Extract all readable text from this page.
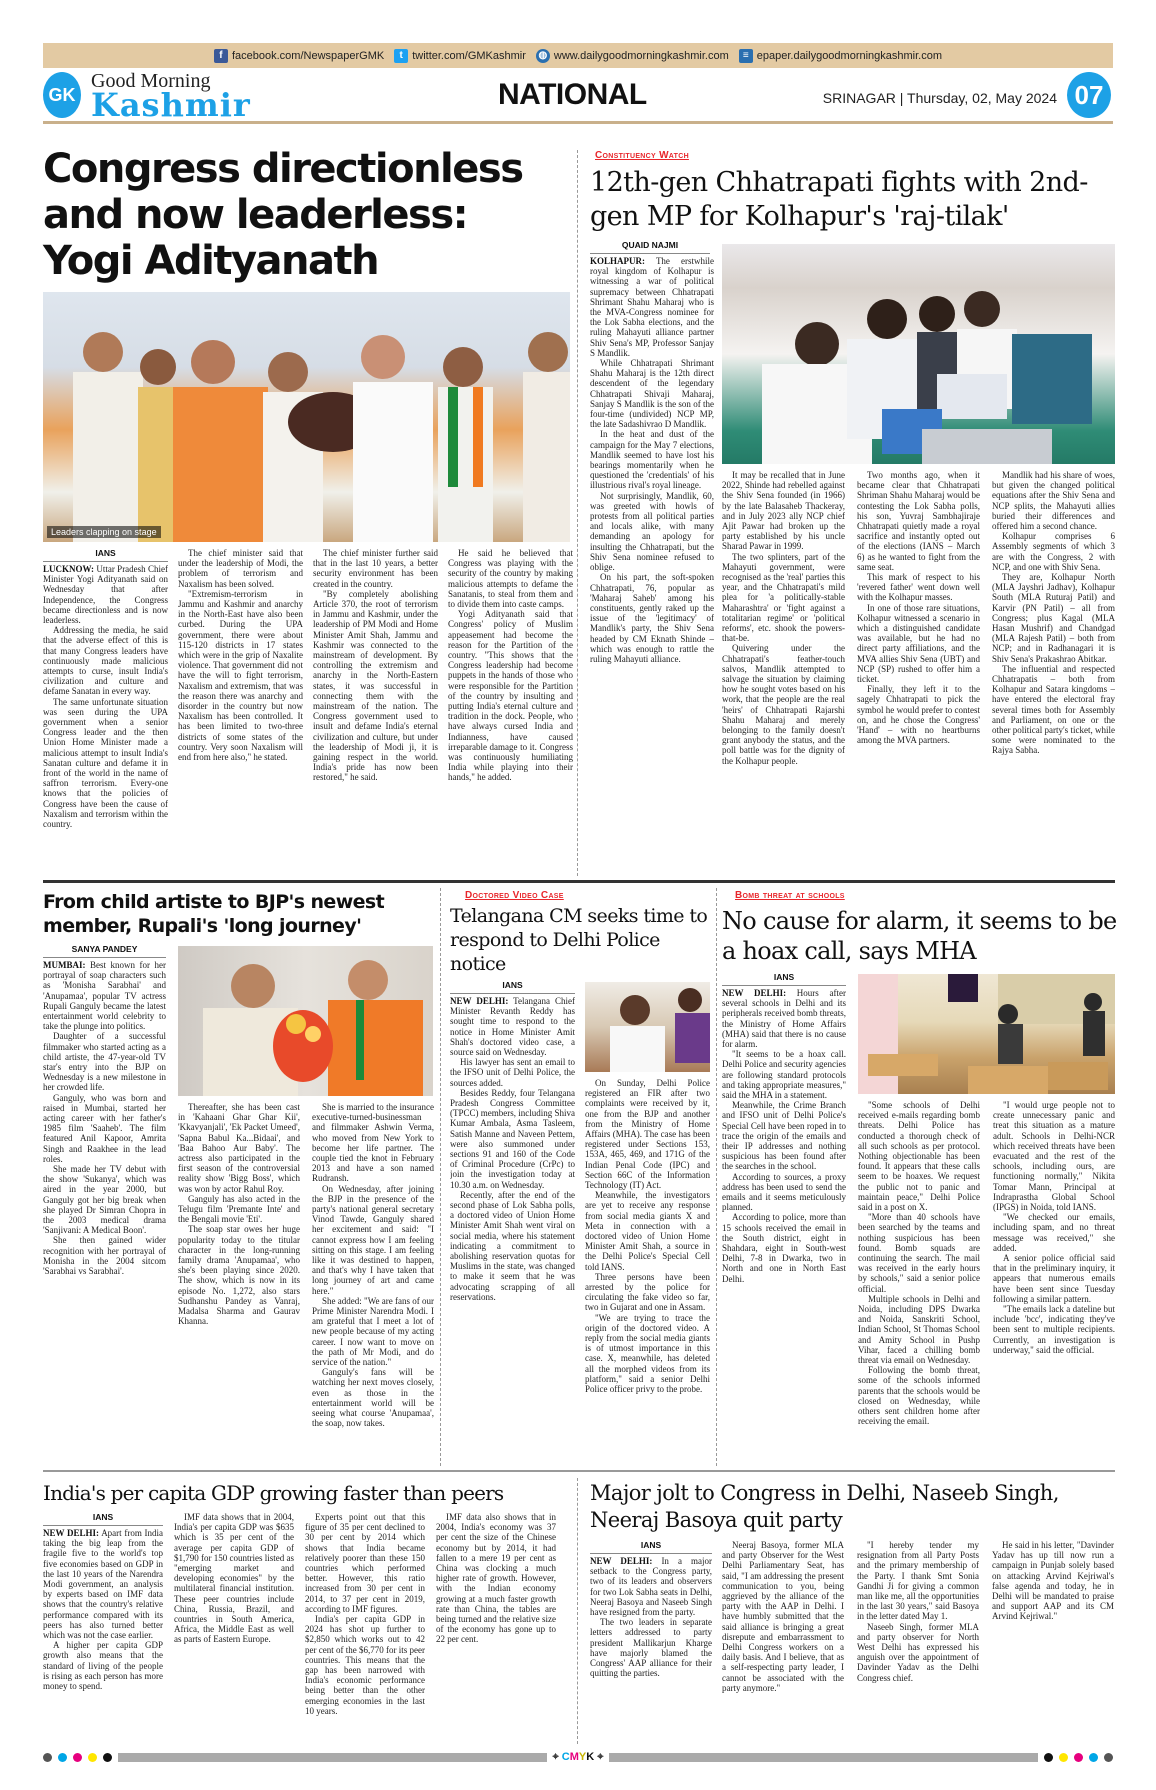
f facebook.com/NewspaperGMK	t twitter.com/GMKashmir ◍ www.dailygoodmorningkashmir.com	≡ epaper.dailygoodmorningkashmir.com
GK
Good Morning
Kashmir	NATIONAL	SRINAGAR | Thursday, 02, May 2024 07
Congress directionless and now leaderless: Yogi Adityanath
Leaders clapping on stage
IANS

LUCKNOW: Uttar Pradesh Chief Minister Yogi Adityanath said on Wednesday that after Independence, the Congress became directionless and is now leaderless.

Addressing the media, he said that the adverse effect of this is that many Congress leaders have continuously made malicious attempts to curse, insult India's civilization and culture and defame Sanatan in every way.

The same unfortunate situation was seen during the UPA government when a senior Congress leader and the then Union Home Minister made a malicious attempt to insult India's Sanatan culture and defame it in front of the world in the name of saffron terrorism. Every-one knows that the policies of Congress have been the cause of Naxalism and terrorism within the country.

The chief minister said that under the leadership of Modi, the problem of terrorism and Naxalism has been solved.

"Extremism-terrorism in Jammu and Kashmir and anarchy in the North-East have also been curbed. During the UPA government, there were about 115-120 districts in 17 states which were in the grip of Naxalite violence. That government did not have the will to fight terrorism, Naxalism and extremism, that was the reason there was anarchy and disorder in the country but now Naxalism has been controlled. It has been limited to two-three districts of some states of the country. Very soon Naxalism will end from here also," he stated.

The chief minister further said that in the last 10 years, a better security environment has been created in the country.

"By completely abolishing Article 370, the root of terrorism in Jammu and Kashmir, under the leadership of PM Modi and Home Minister Amit Shah, Jammu and Kashmir was connected to the mainstream of development. By controlling the extremism and anarchy in the North-Eastern states, it was successful in connecting them with the mainstream of the nation. The Congress government used to insult and defame India's eternal civilization and culture, but under the leadership of Modi ji, it is gaining respect in the world. India's pride has now been restored," he said.

He said he believed that Congress was playing with the security of the country by making malicious attempts to defame the Sanatanis, to steal from them and to divide them into caste camps.

Yogi Adityanath said that Congress' policy of Muslim appeasement had become the reason for the Partition of the country. "This shows that the Congress leadership had become puppets in the hands of those who were responsible for the Partition of the country by insulting and putting India's eternal culture and tradition in the dock. People, who have always cursed India and Indianness, have caused irreparable damage to it. Congress was continuously humiliating India while playing into their hands," he added.

Constituency Watch
12th-gen Chhatrapati fights with 2nd-gen MP for Kolhapur's 'raj-tilak'
QUAID NAJMI

KOLHAPUR: The erstwhile royal kingdom of Kolhapur is witnessing a war of political supremacy between Chhatrapati Shrimant Shahu Maharaj who is the MVA-Congress nominee for the Lok Sabha elections, and the ruling Mahayuti alliance partner Shiv Sena's MP, Professor Sanjay S Mandlik.

While Chhatrapati Shrimant Shahu Maharaj is the 12th direct descendent of the legendary Chhatrapati Shivaji Maharaj, Sanjay S Mandlik is the son of the four-time (undivided) NCP MP, the late Sadashivrao D Mandlik.

In the heat and dust of the campaign for the May 7 elections, Mandlik seemed to have lost his bearings momentarily when he questioned the 'credentials' of his illustrious rival's royal lineage.

Not surprisingly, Mandlik, 60, was greeted with howls of protests from all political parties and locals alike, with many demanding an apology for insulting the Chhatrapati, but the Shiv Sena nominee refused to oblige.

On his part, the soft-spoken Chhatrapati, 76, popular as 'Maharaj Saheb' among his constituents, gently raked up the issue of the 'legitimacy' of Mandlik's party, the Shiv Sena headed by CM Eknath Shinde – which was enough to rattle the ruling Mahayuti alliance.

It may be recalled that in June 2022, Shinde had rebelled against the Shiv Sena founded (in 1966) by the late Balasaheb Thackeray, and in July 2023 ally NCP chief Ajit Pawar had broken up the party established by his uncle Sharad Pawar in 1999.

The two splinters, part of the Mahayuti government, were recognised as the 'real' parties this year, and the Chhatrapati's mild plea for 'a politically-stable Maharashtra' or 'fight against a totalitarian regime' or 'political reforms', etc. shook the powers-that-be.

Quivering under the Chhatrapati's feather-touch salvos, Mandlik attempted to salvage the situation by claiming how he sought votes based on his work, that the people are the real 'heirs' of Chhatrapati Rajarshi Shahu Maharaj and merely belonging to the family doesn't grant anybody the status, and the poll battle was for the dignity of the Kolhapur people.

Two months ago, when it became clear that Chhatrapati Shriman Shahu Maharaj would be contesting the Lok Sabha polls, his son, Yuvraj Sambhajiraje Chhatrapati quietly made a royal sacrifice and instantly opted out of the elections (IANS – March 6) as he wanted to fight from the same seat.

This mark of respect to his 'revered father' went down well with the Kolhapur masses.

In one of those rare situations, Kolhapur witnessed a scenario in which a distinguished candidate was available, but he had no direct party affiliations, and the MVA allies Shiv Sena (UBT) and NCP (SP) rushed to offer him a ticket.

Finally, they left it to the sagely Chhatrapati to pick the symbol he would prefer to contest on, and he chose the Congress' 'Hand' – with no heartburns among the MVA partners.

Mandlik had his share of woes, but given the changed political equations after the Shiv Sena and NCP splits, the Mahayuti allies buried their differences and offered him a second chance.

Kolhapur comprises 6 Assembly segments of which 3 are with the Congress, 2 with NCP, and one with Shiv Sena.

They are, Kolhapur North (MLA Jayshri Jadhav), Kolhapur South (MLA Ruturaj Patil) and Karvir (PN Patil) – all from Congress; plus Kagal (MLA Hasan Mushrif) and Chandgad (MLA Rajesh Patil) – both from NCP; and in Radhanagari it is Shiv Sena's Prakashrao Abitkar.

The influential and respected Chhatrapatis – both from Kolhapur and Satara kingdoms – have entered the electoral fray several times both for Assembly and Parliament, on one or the other political party's ticket, while some were nominated to the Rajya Sabha.

From child artiste to BJP's newest member, Rupali's 'long journey'
SANYA PANDEY

MUMBAI: Best known for her portrayal of soap characters such as 'Monisha Sarabhai' and 'Anupamaa', popular TV actress Rupali Ganguly became the latest entertainment world celebrity to take the plunge into politics.

Daughter of a successful filmmaker who started acting as a child artiste, the 47-year-old TV star's entry into the BJP on Wednesday is a new milestone in her crowded life.

Ganguly, who was born and raised in Mumbai, started her acting career with her father's 1985 film 'Saaheb'. The film featured Anil Kapoor, Amrita Singh and Raakhee in the lead roles.

She made her TV debut with the show 'Sukanya', which was aired in the year 2000, but Ganguly got her big break when she played Dr Simran Chopra in the 2003 medical drama 'Sanjivani: A Medical Boon'.

She then gained wider recognition with her portrayal of Monisha in the 2004 sitcom 'Sarabhai vs Sarabhai'.

Thereafter, she has been cast in 'Kahaani Ghar Ghar Kii', 'Kkavyanjali', 'Ek Packet Umeed', 'Sapna Babul Ka...Bidaai', and 'Baa Bahoo Aur Baby'. The actress also participated in the first season of the controversial reality show 'Bigg Boss', which was won by actor Rahul Roy.

Ganguly has also acted in the Telugu film 'Premante Inte' and the Bengali movie 'Eti'.

The soap star owes her huge popularity today to the titular character in the long-running family drama 'Anupamaa', who she's been playing since 2020. The show, which is now in its episode No. 1,272, also stars Sudhanshu Pandey as Vanraj, Madalsa Sharma and Gaurav Khanna.

She is married to the insurance executive-turned-businessman and filmmaker Ashwin Verma, who moved from New York to become her life partner. The couple tied the knot in February 2013 and have a son named Rudransh.

On Wednesday, after joining the BJP in the presence of the party's national general secretary Vinod Tawde, Ganguly shared her excitement and said: "I cannot express how I am feeling sitting on this stage. I am feeling like it was destined to happen, and that's why I have taken that long journey of art and came here."

She added: "We are fans of our Prime Minister Narendra Modi. I am grateful that I meet a lot of new people because of my acting career. I now want to move on the path of Mr Modi, and do service of the nation."

Ganguly's fans will be watching her next moves closely, even as those in the entertainment world will be seeing what course 'Anupamaa', the soap, now takes.

Doctored Video Case
Telangana CM seeks time to respond to Delhi Police notice
IANS

NEW DELHI: Telangana Chief Minister Revanth Reddy has sought time to respond to the notice in Home Minister Amit Shah's doctored video case, a source said on Wednesday.

His lawyer has sent an email to the IFSO unit of Delhi Police, the sources added.

Besides Reddy, four Telangana Pradesh Congress Committee (TPCC) members, including Shiva Kumar Ambala, Asma Tasleem, Satish Manne and Naveen Pettem, were also summoned under sections 91 and 160 of the Code of Criminal Procedure (CrPc) to join the investigation today at 10.30 a.m. on Wednesday.

Recently, after the end of the second phase of Lok Sabha polls, a doctored video of Union Home Minister Amit Shah went viral on social media, where his statement indicating a commitment to abolishing reservation quotas for Muslims in the state, was changed to make it seem that he was advocating scrapping of all reservations.

On Sunday, Delhi Police registered an FIR after two complaints were received by it, one from the BJP and another from the Ministry of Home Affairs (MHA). The case has been registered under Sections 153, 153A, 465, 469, and 171G of the Indian Penal Code (IPC) and Section 66C of the Information Technology (IT) Act.

Meanwhile, the investigators are yet to receive any response from social media giants X and Meta in connection with a doctored video of Union Home Minister Amit Shah, a source in the Delhi Police's Special Cell told IANS.

Three persons have been arrested by the police for circulating the fake video so far, two in Gujarat and one in Assam.

"We are trying to trace the origin of the doctored video. A reply from the social media giants is of utmost importance in this case. X, meanwhile, has deleted all the morphed videos from its platform," said a senior Delhi Police officer privy to the probe.

Bomb threat at schools
No cause for alarm, it seems to be a hoax call, says MHA
IANS

NEW DELHI: Hours after several schools in Delhi and its peripherals received bomb threats, the Ministry of Home Affairs (MHA) said that there is no cause for alarm.

"It seems to be a hoax call. Delhi Police and security agencies are following standard protocols and taking appropriate measures," said the MHA in a statement.

Meanwhile, the Crime Branch and IFSO unit of Delhi Police's Special Cell have been roped in to trace the origin of the emails and their IP addresses and nothing suspicious has been found after the searches in the school.

According to sources, a proxy address has been used to send the emails and it seems meticulously planned.

According to police, more than 15 schools received the email in the South district, eight in Shahdara, eight in South-west Delhi, 7-8 in Dwarka, two in North and one in North East Delhi.

"Some schools of Delhi received e-mails regarding bomb threats. Delhi Police has conducted a thorough check of all such schools as per protocol. Nothing objectionable has been found. It appears that these calls seem to be hoaxes. We request the public not to panic and maintain peace," Delhi Police said in a post on X.

"More than 40 schools have been searched by the teams and nothing suspicious has been found. Bomb squads are continuing the search. The mail was received in the early hours by schools," said a senior police official.

Multiple schools in Delhi and Noida, including DPS Dwarka and Noida, Sanskriti School, Indian School, St Thomas School and Amity School in Pushp Vihar, faced a chilling bomb threat via email on Wednesday.

Following the bomb threat, some of the schools informed parents that the schools would be closed on Wednesday, while others sent children home after receiving the email.

"I would urge people not to create unnecessary panic and treat this situation as a mature adult. Schools in Delhi-NCR which received threats have been evacuated and the rest of the schools, including ours, are functioning normally," Nikita Tomar Mann, Principal at Indraprastha Global School (IPGS) in Noida, told IANS.

"We checked our emails, including spam, and no threat message was received," she added.

A senior police official said that in the preliminary inquiry, it appears that numerous emails have been sent since Tuesday following a similar pattern.

"The emails lack a dateline but include 'bcc', indicating they've been sent to multiple recipients. Currently, an investigation is underway," said the official.

India's per capita GDP growing faster than peers
IANS

NEW DELHI: Apart from India taking the big leap from the fragile five to the world's top five economies based on GDP in the last 10 years of the Narendra Modi government, an analysis by experts based on IMF data shows that the country's relative performance compared with its peers has also turned better which was not the case earlier.

A higher per capita GDP growth also means that the standard of living of the people is rising as each person has more money to spend.

IMF data shows that in 2004, India's per capita GDP was $635 which is 35 per cent of the average per capita GDP of $1,790 for 150 countries listed as "emerging market and developing economies" by the multilateral financial institution. These peer countries include China, Russia, Brazil, and countries in South America, Africa, the Middle East as well as parts of Eastern Europe.

Experts point out that this figure of 35 per cent declined to 30 per cent by 2014 which shows that India became relatively poorer than these 150 countries which performed better. However, this ratio increased from 30 per cent in 2014, to 37 per cent in 2019, according to IMF figures.

India's per capita GDP in 2024 has shot up further to $2,850 which works out to 42 per cent of the $6,770 for its peer countries. This means that the gap has been narrowed with India's economic performance being better than the other emerging economies in the last 10 years.

IMF data also shows that in 2004, India's economy was 37 per cent the size of the Chinese economy but by 2014, it had fallen to a mere 19 per cent as China was clocking a much higher rate of growth. However, with the Indian economy growing at a much faster growth rate than China, the tables are being turned and the relative size of the economy has gone up to 22 per cent.

Major jolt to Congress in Delhi, Naseeb Singh, Neeraj Basoya quit party
IANS

NEW DELHI: In a major setback to the Congress party, two of its leaders and observers for two Lok Sabha seats in Delhi, Neeraj Basoya and Naseeb Singh have resigned from the party.

The two leaders in separate letters addressed to party president Mallikarjun Kharge have majorly blamed the Congress' AAP alliance for their quitting the parties.

Neeraj Basoya, former MLA and party Observer for the West Delhi Parliamentary Seat, has said, "I am addressing the present communication to you, being aggrieved by the alliance of the party with the AAP in Delhi. I have humbly submitted that the said alliance is bringing a great disrepute and embarrassment to Delhi Congress workers on a daily basis. And I believe, that as a self-respecting party leader, I cannot be associated with the party anymore."

"I hereby tender my resignation from all Party Posts and the primary membership of the Party. I thank Smt Sonia Gandhi Ji for giving a common man like me, all the opportunities in the last 30 years," said Basoya in the letter dated May 1.

Naseeb Singh, former MLA and party observer for North West Delhi has expressed his anguish over the appointment of Davinder Yadav as the Delhi Congress chief.

He said in his letter, "Davinder Yadav has up till now run a campaign in Punjab solely based on attacking Arvind Kejriwal's false agenda and today, he in Delhi will be mandated to praise and support AAP and its CM Arvind Kejriwal."

⌖ CMYK ⌖
